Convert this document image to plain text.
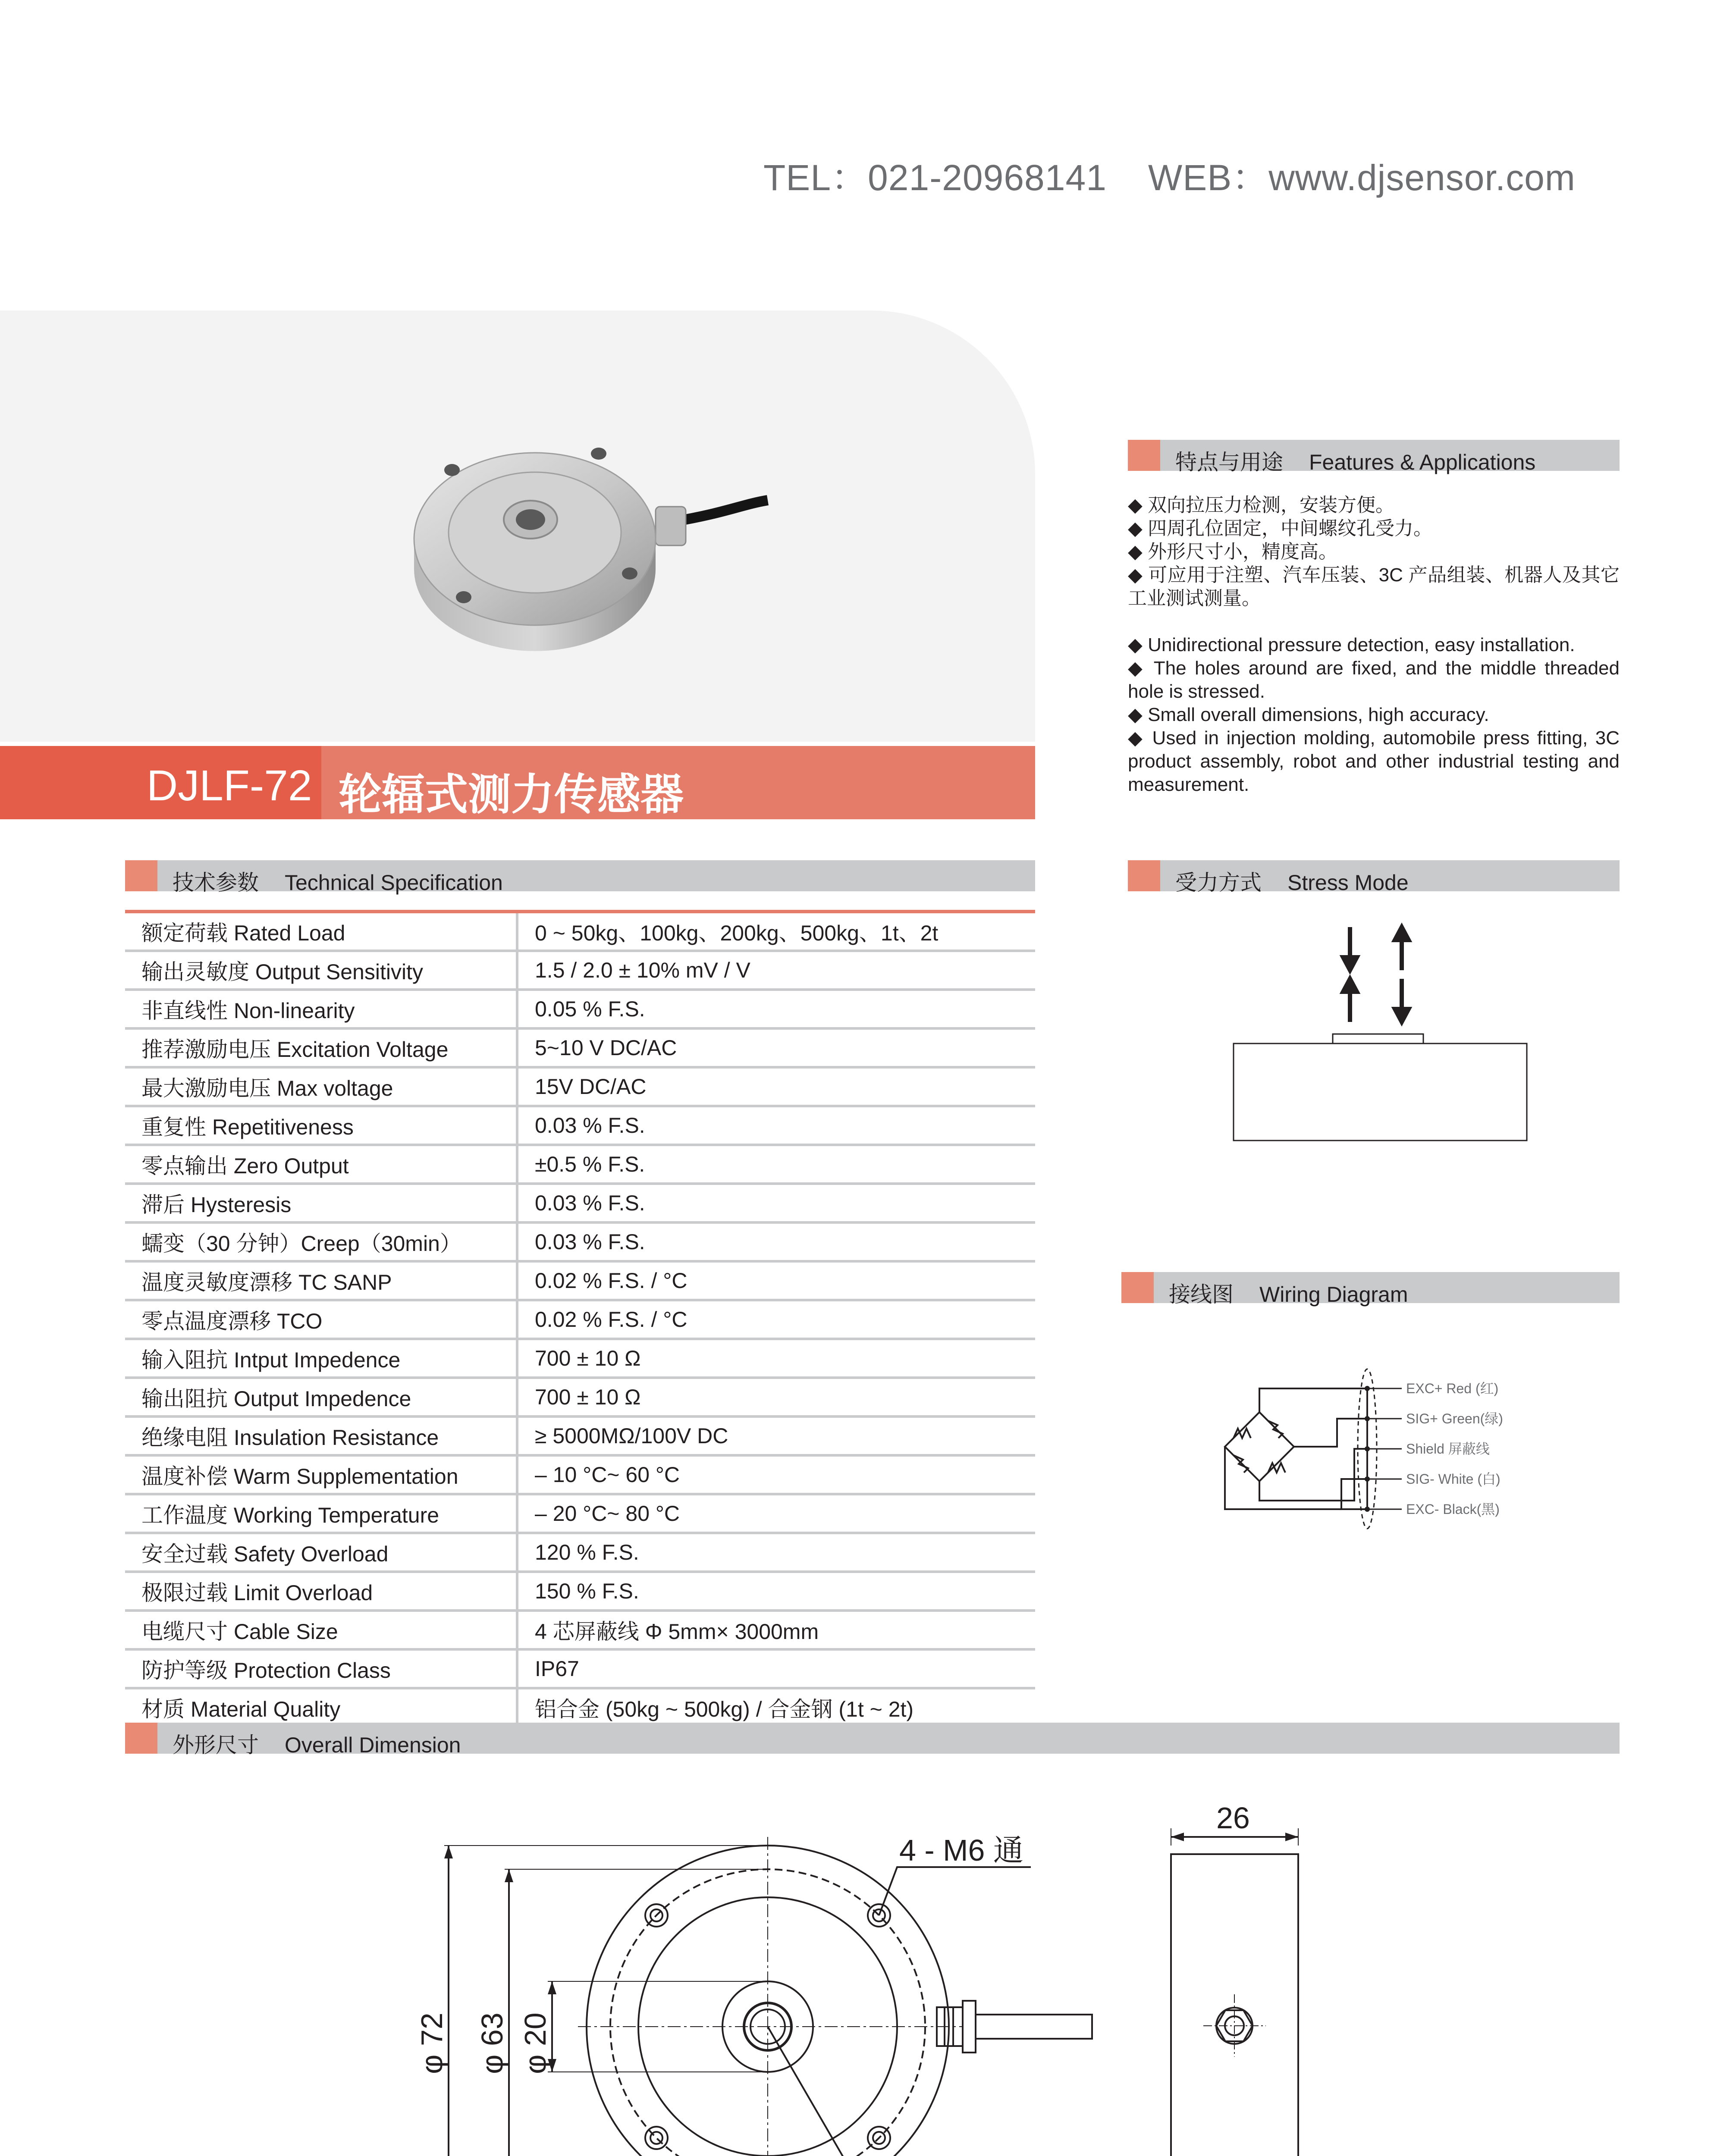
TEL：021-20968141 WEB：www.djsensor.com
DJLF-72 轮辐式测力传感器
特点与用途 Features & Applications

◆ 双向拉压力检测，安装方便。

◆ 四周孔位固定，中间螺纹孔受力。

◆ 外形尺寸小，精度高。

◆ 可应用于注塑、汽车压装、3C 产品组装、机器人及其它工业测试测量。

◆ Unidirectional pressure detection, easy installation.

◆ The holes around are fixed, and the middle threaded hole is stressed.

◆ Small overall dimensions, high accuracy.

◆ Used in injection molding, automobile press fitting, 3C product assembly, robot and other industrial testing and measurement.

技术参数 Technical Specification
额定荷载 Rated Load	0 ~ 50kg、100kg、200kg、500kg、1t、2t
输出灵敏度 Output Sensitivity	1.5 / 2.0 ± 10% mV / V
非直线性 Non-linearity	0.05 % F.S.
推荐激励电压 Excitation Voltage	5~10 V DC/AC
最大激励电压 Max voltage	15V DC/AC
重复性 Repetitiveness	0.03 % F.S.
零点输出 Zero Output	±0.5 % F.S.
滞后 Hysteresis	0.03 % F.S.
蠕变（30 分钟）Creep（30min）	0.03 % F.S.
温度灵敏度漂移 TC SANP	0.02 % F.S. / °C
零点温度漂移 TCO	0.02 % F.S. / °C
输入阻抗 Intput Impedence	700 ± 10 Ω
输出阻抗 Output Impedence	700 ± 10 Ω
绝缘电阻 Insulation Resistance	≥ 5000MΩ/100V DC
温度补偿 Warm Supplementation	– 10 °C~ 60 °C
工作温度 Working Temperature	– 20 °C~ 80 °C
安全过载 Safety Overload	120 % F.S.
极限过载 Limit Overload	150 % F.S.
电缆尺寸 Cable Size	4 芯屏蔽线 Φ 5mm× 3000mm
防护等级 Protection Class	IP67
材质 Material Quality	铝合金 (50kg ~ 500kg) / 合金钢 (1t ~ 2t)
受力方式 Stress Mode
接线图 Wiring Diagram
EXC+ Red (红)
SIG+ Green(绿)
Shield 屏蔽线
SIG- White (白)
EXC- Black(黑)
外形尺寸 Overall Dimension
4 - M6 通
φ 72 φ 63 φ 20
26
